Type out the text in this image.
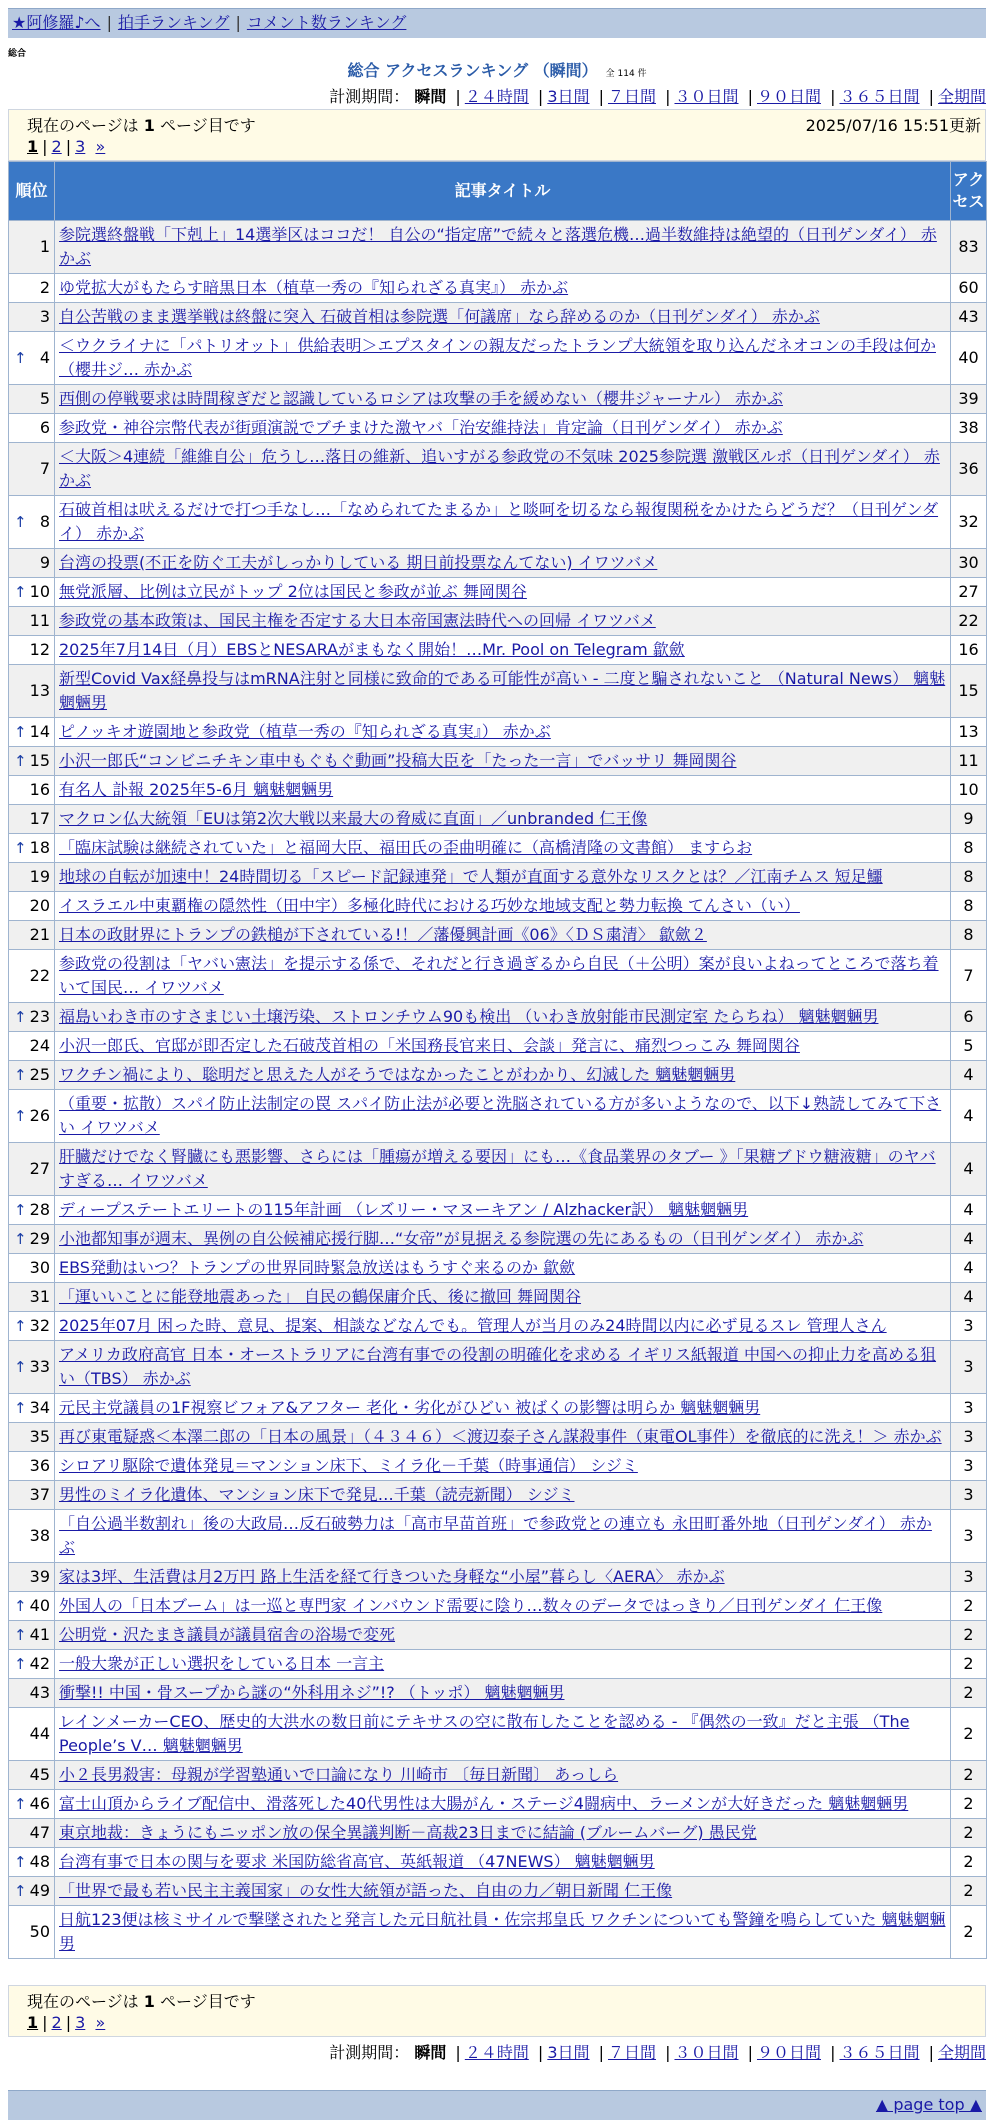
★阿修羅♪へ | 拍手ランキング | コメント数ランキング
総合
総合 アクセスランキング （瞬間） 全 114 件
計測期間： 瞬間 | ２４時間 | 3日間 | ７日間 | ３０日間 | ９０日間 | ３６５日間 | 全期間
現在のページは 1 ページ目です	2025/07/16 15:51更新
1 | 2 | 3 »
順位	記事タイトル	アクセス
1	参院選終盤戦「下剋上」14選挙区はココだ！ 自公の“指定席”で続々と落選危機…過半数維持は絶望的（日刊ゲンダイ） 赤かぶ	83
2	ゆ党拡大がもたらす暗黒日本（植草一秀の『知られざる真実』） 赤かぶ	60
3	自公苦戦のまま選挙戦は終盤に突入 石破首相は参院選「何議席」なら辞めるのか（日刊ゲンダイ） 赤かぶ	43

↑ 4	＜ウクライナに「パトリオット」供給表明＞エプスタインの親友だったトランプ大統領を取り込んだネオコンの手段は何か（櫻井ジ… 赤かぶ	40
5	西側の停戦要求は時間稼ぎだと認識しているロシアは攻撃の手を緩めない（櫻井ジャーナル） 赤かぶ	39
6	参政党・神谷宗幣代表が街頭演説でブチまけた激ヤバ「治安維持法」肯定論（日刊ゲンダイ） 赤かぶ	38
7	＜大阪＞4連続「維維自公」危うし…落日の維新、追いすがる参政党の不気味 2025参院選 激戦区ルポ（日刊ゲンダイ） 赤かぶ	36

↑ 8	石破首相は吠えるだけで打つ手なし…「なめられてたまるか」と啖呵を切るなら報復関税をかけたらどうだ？（日刊ゲンダイ） 赤かぶ	32
9	台湾の投票(不正を防ぐ工夫がしっかりしている 期日前投票なんてない) イワツバメ	30

↑ 10	無党派層、比例は立民がトップ 2位は国民と参政が並ぶ 舞岡関谷	27
11	参政党の基本政策は、国民主権を否定する大日本帝国憲法時代への回帰 イワツバメ	22
12	2025年7月14日（月）EBSとNESARAがまもなく開始！…Mr. Pool on Telegram 歙歛	16
13	新型Covid Vax経鼻投与はmRNA注射と同様に致命的である可能性が高い - 二度と騙されないこと （Natural News） 魑魅魍魎男	15

↑ 14	ピノッキオ遊園地と参政党（植草一秀の『知られざる真実』） 赤かぶ	13

↑ 15	小沢一郎氏“コンビニチキン車中もぐもぐ動画”投稿大臣を「たった一言」でバッサリ 舞岡関谷	11
16	有名人 訃報 2025年5-6月 魑魅魍魎男	10
17	マクロン仏大統領「EUは第2次大戦以来最大の脅威に直面」／unbranded 仁王像	9

↑ 18	「臨床試験は継続されていた」と福岡大臣、福田氏の歪曲明確に（高橋清隆の文書館） ますらお	8
19	地球の自転が加速中！24時間切る「スピード記録連発」で人類が直面する意外なリスクとは？／江南チムス 短足鱷	8
20	イスラエル中東覇権の隠然性（田中宇）多極化時代における巧妙な地域支配と勢力転換 てんさい（い）	8
21	日本の政財界にトランプの鉄槌が下されている!！／藩優興計画《06》〈ＤＳ粛清〉 歙歛２	8
22	参政党の役割は「ヤバい憲法」を提示する係で、それだと行き過ぎるから自民（＋公明）案が良いよねってところで落ち着いて国民… イワツバメ	7

↑ 23	福島いわき市のすさまじい土壌汚染、ストロンチウム90も検出 （いわき放射能市民測定室 たらちね） 魑魅魍魎男	6
24	小沢一郎氏、官邸が即否定した石破茂首相の「米国務長官来日、会談」発言に、痛烈つっこみ 舞岡関谷	5

↑ 25	ワクチン禍により、聡明だと思えた人がそうではなかったことがわかり、幻滅した 魑魅魍魎男	4

↑ 26	（重要・拡散）スパイ防止法制定の罠 スパイ防止法が必要と洗脳されている方が多いようなので、以下↓熟読してみて下さい イワツバメ	4
27	肝臓だけでなく腎臓にも悪影響、さらには「腫瘍が増える要因」にも…《食品業界のタブー 》「果糖ブドウ糖液糖」のヤバすぎる… イワツバメ	4

↑ 28	ディープステートエリートの115年計画 （レズリー・マヌーキアン / Alzhacker訳） 魑魅魍魎男	4

↑ 29	小池都知事が週末、異例の自公候補応援行脚…“女帝”が見据える参院選の先にあるもの（日刊ゲンダイ） 赤かぶ	4
30	EBS発動はいつ？トランプの世界同時緊急放送はもうすぐ来るのか 歙歛	4
31	「運いいことに能登地震あった」 自民の鶴保庸介氏、後に撤回 舞岡関谷	4

↑ 32	2025年07月 困った時、意見、提案、相談などなんでも。管理人が当月のみ24時間以内に必ず見るスレ 管理人さん	3

↑ 33	アメリカ政府高官 日本・オーストラリアに台湾有事での役割の明確化を求める イギリス紙報道 中国への抑止力を高める狙い（TBS） 赤かぶ	3

↑ 34	元民主党議員の1F視察ビフォア&アフター 老化・劣化がひどい 被ばくの影響は明らか 魑魅魍魎男	3
35	再び東電疑惑＜本澤二郎の「日本の風景」（４３４６）＜渡辺泰子さん謀殺事件（東電OL事件）を徹底的に洗え！＞ 赤かぶ	3
36	シロアリ駆除で遺体発見＝マンション床下、ミイラ化－千葉（時事通信） シジミ	3
37	男性のミイラ化遺体、マンション床下で発見…千葉（読売新聞） シジミ	3
38	「自公過半数割れ」後の大政局…反石破勢力は「高市早苗首班」で参政党との連立も 永田町番外地（日刊ゲンダイ） 赤かぶ	3
39	家は3坪、生活費は月2万円 路上生活を経て行きついた身軽な“小屋”暮らし〈AERA〉 赤かぶ	3

↑ 40	外国人の「日本ブーム」は一巡と専門家 インバウンド需要に陰り…数々のデータではっきり／日刊ゲンダイ 仁王像	2

↑ 41	公明党・沢たまき議員が議員宿舎の浴場で変死	2

↑ 42	一般大衆が正しい選択をしている日本 一言主	2
43	衝撃!! 中国・骨スープから謎の“外科用ネジ”!? （トッポ） 魑魅魍魎男	2
44	レインメーカーCEO、歴史的大洪水の数日前にテキサスの空に散布したことを認める - 『偶然の一致』だと主張 （The People’s V… 魑魅魍魎男	2
45	小２長男殺害：母親が学習塾通いで口論になり 川崎市 〔毎日新聞〕 あっしら	2

↑ 46	富士山頂からライブ配信中、滑落死した40代男性は大腸がん・ステージ4闘病中、ラーメンが大好きだった 魑魅魍魎男	2
47	東京地裁：きょうにもニッポン放の保全異議判断－高裁23日までに結論 (ブルームバーグ) 愚民党	2

↑ 48	台湾有事で日本の関与を要求 米国防総省高官、英紙報道 （47NEWS） 魑魅魍魎男	2

↑ 49	「世界で最も若い民主主義国家」の女性大統領が語った、自由の力／朝日新聞 仁王像	2
50	日航123便は核ミサイルで撃墜されたと発言した元日航社員・佐宗邦皇氏 ワクチンについても警鐘を鳴らしていた 魑魅魍魎男	2
現在のページは 1 ページ目です
1 | 2 | 3 »
計測期間： 瞬間 | ２４時間 | 3日間 | ７日間 | ３０日間 | ９０日間 | ３６５日間 | 全期間
▲ page top ▲
